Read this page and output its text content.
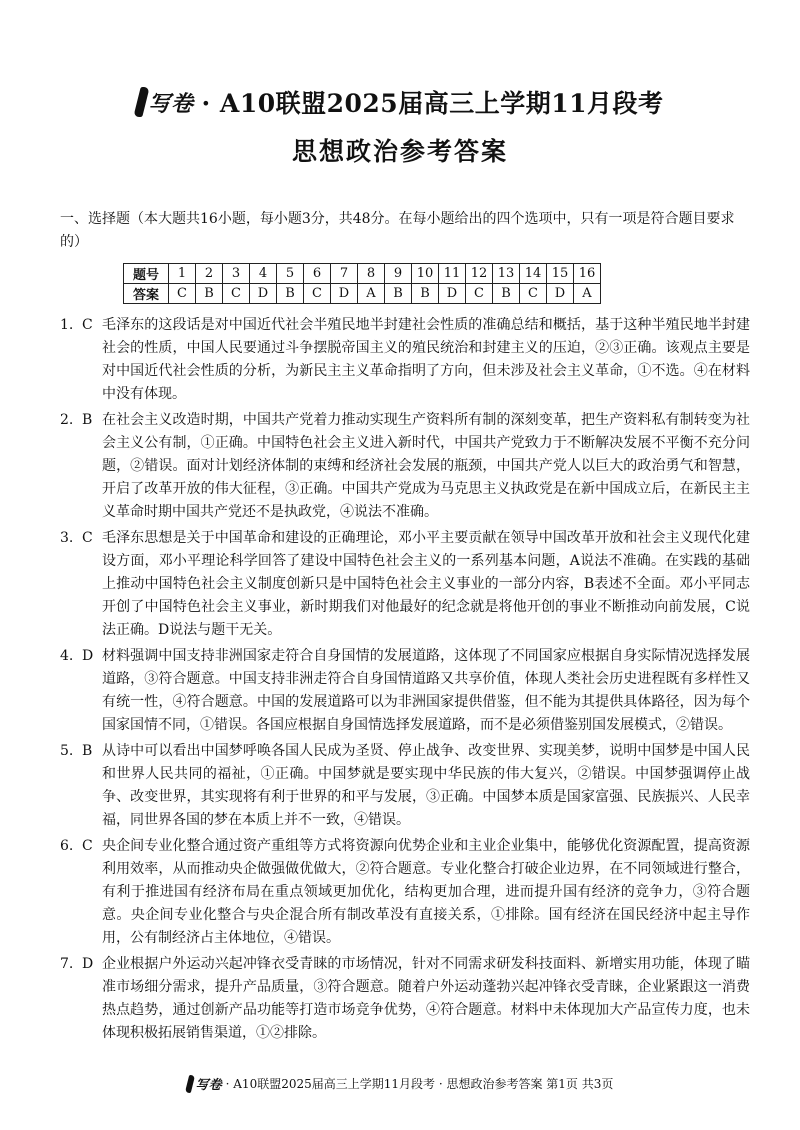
写卷 · A10联盟2025届高三上学期11月段考
思想政治参考答案
一、选择题（本大题共16小题，每小题3分，共48分。在每小题给出的四个选项中，只有一项是符合题目要求的）
题号	1	2	3	4	5	6	7	8	9	10	11	12	13	14	15	16
答案	C	B	C	D	B	C	D	A	B	B	D	C	B	C	D	A
1. C 毛泽东的这段话是对中国近代社会半殖民地半封建社会性质的准确总结和概括，基于这种半殖民地半封建社会的性质，中国人民要通过斗争摆脱帝国主义的殖民统治和封建主义的压迫，②③正确。该观点主要是对中国近代社会性质的分析，为新民主主义革命指明了方向，但未涉及社会主义革命，①不选。④在材料中没有体现。
2. B 在社会主义改造时期，中国共产党着力推动实现生产资料所有制的深刻变革，把生产资料私有制转变为社会主义公有制，①正确。中国特色社会主义进入新时代，中国共产党致力于不断解决发展不平衡不充分问题，②错误。面对计划经济体制的束缚和经济社会发展的瓶颈，中国共产党人以巨大的政治勇气和智慧，开启了改革开放的伟大征程，③正确。中国共产党成为马克思主义执政党是在新中国成立后，在新民主主义革命时期中国共产党还不是执政党，④说法不准确。
3. C 毛泽东思想是关于中国革命和建设的正确理论，邓小平主要贡献在领导中国改革开放和社会主义现代化建设方面，邓小平理论科学回答了建设中国特色社会主义的一系列基本问题，A说法不准确。在实践的基础上推动中国特色社会主义制度创新只是中国特色社会主义事业的一部分内容，B表述不全面。邓小平同志开创了中国特色社会主义事业，新时期我们对他最好的纪念就是将他开创的事业不断推动向前发展，C说法正确。D说法与题干无关。
4. D 材料强调中国支持非洲国家走符合自身国情的发展道路，这体现了不同国家应根据自身实际情况选择发展道路，③符合题意。中国支持非洲走符合自身国情道路又共享价值，体现人类社会历史进程既有多样性又有统一性，④符合题意。中国的发展道路可以为非洲国家提供借鉴，但不能为其提供具体路径，因为每个国家国情不同，①错误。各国应根据自身国情选择发展道路，而不是必须借鉴别国发展模式，②错误。
5. B 从诗中可以看出中国梦呼唤各国人民成为圣贤、停止战争、改变世界、实现美梦，说明中国梦是中国人民和世界人民共同的福祉，①正确。中国梦就是要实现中华民族的伟大复兴，②错误。中国梦强调停止战争、改变世界，其实现将有利于世界的和平与发展，③正确。中国梦本质是国家富强、民族振兴、人民幸福，同世界各国的梦在本质上并不一致，④错误。
6. C 央企间专业化整合通过资产重组等方式将资源向优势企业和主业企业集中，能够优化资源配置，提高资源利用效率，从而推动央企做强做优做大，②符合题意。专业化整合打破企业边界，在不同领域进行整合，有利于推进国有经济布局在重点领域更加优化，结构更加合理，进而提升国有经济的竞争力，③符合题意。央企间专业化整合与央企混合所有制改革没有直接关系，①排除。国有经济在国民经济中起主导作用，公有制经济占主体地位，④错误。
7. D 企业根据户外运动兴起冲锋衣受青睐的市场情况，针对不同需求研发科技面料、新增实用功能，体现了瞄准市场细分需求，提升产品质量，③符合题意。随着户外运动蓬勃兴起冲锋衣受青睐，企业紧跟这一消费热点趋势，通过创新产品功能等打造市场竞争优势，④符合题意。材料中未体现加大产品宣传力度，也未体现积极拓展销售渠道，①②排除。
写卷 · A10联盟2025届高三上学期11月段考 · 思想政治参考答案 第1页 共3页
